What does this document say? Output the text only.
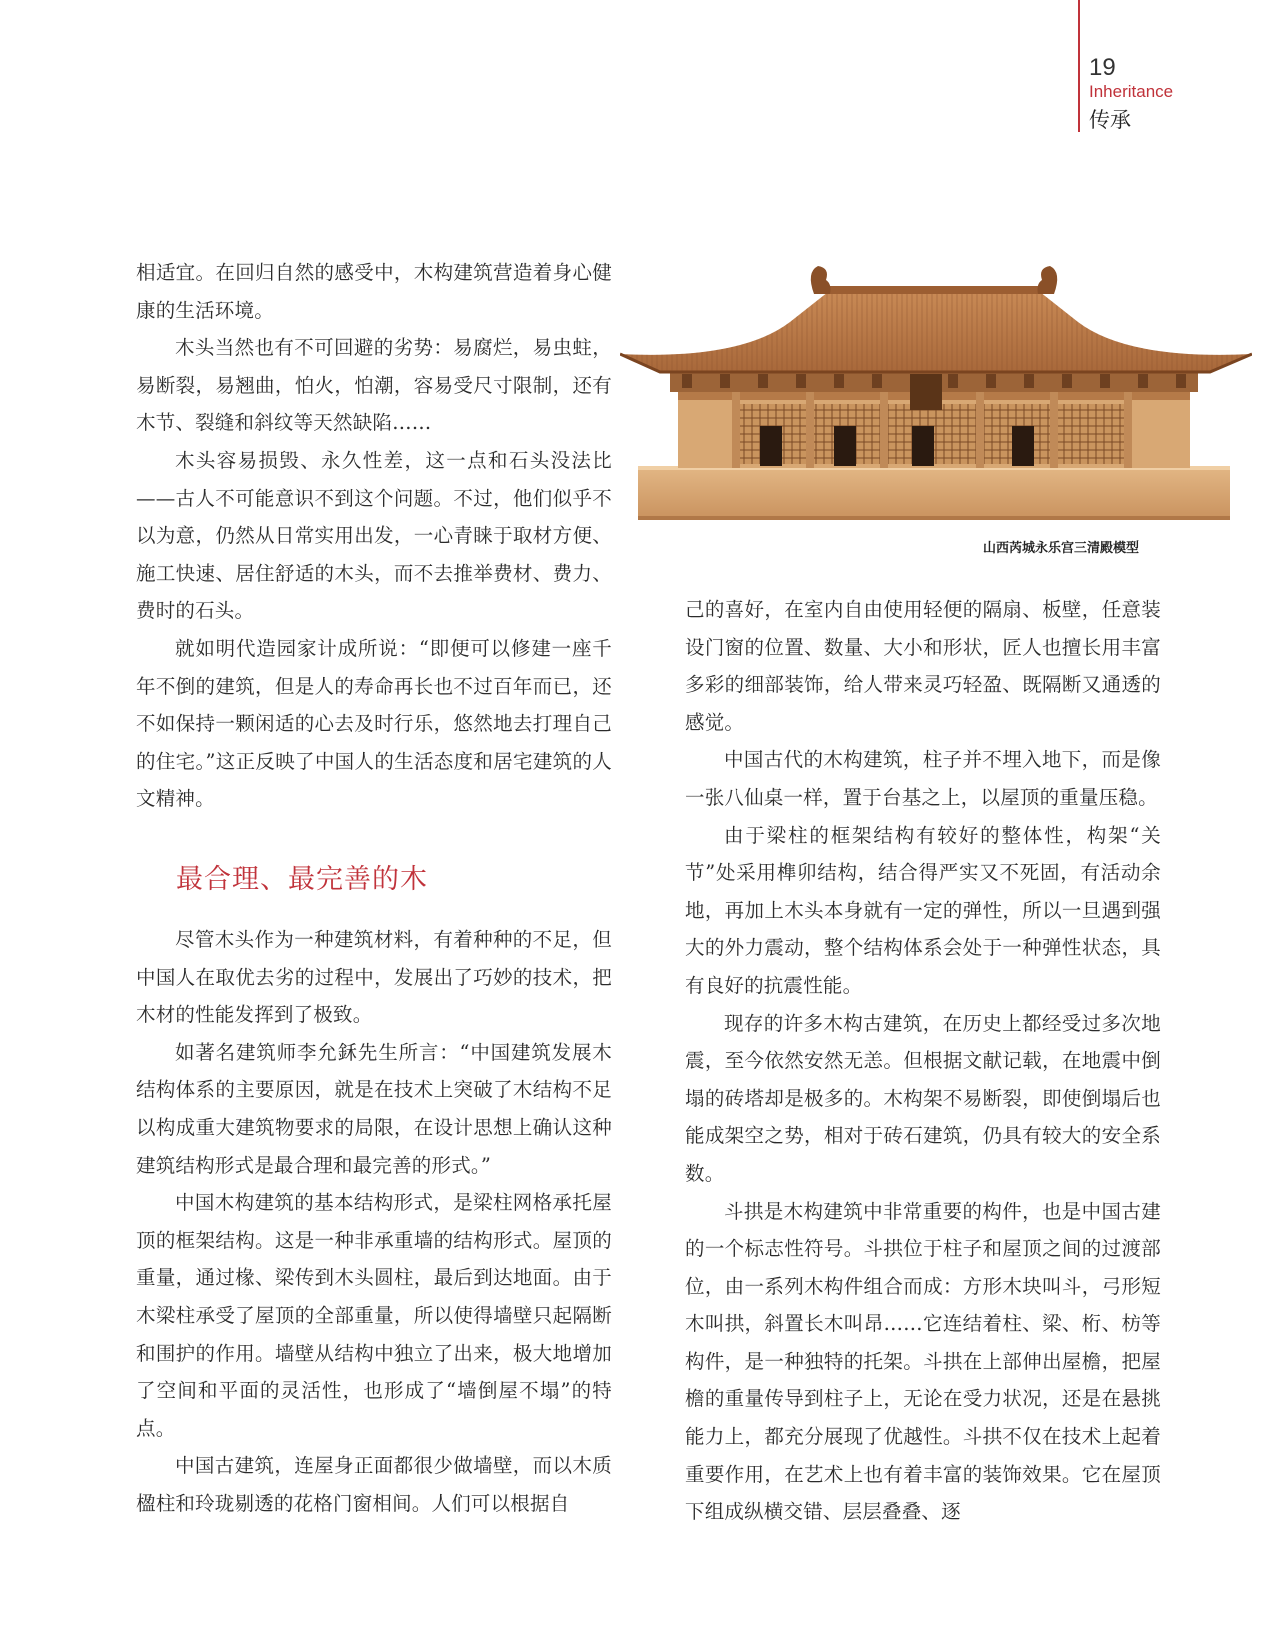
19
Inheritance
传承

相适宜。在回归自然的感受中，木构建筑营造着身心健康的生活环境。

木头当然也有不可回避的劣势：易腐烂，易虫蛀，易断裂，易翘曲，怕火，怕潮，容易受尺寸限制，还有木节、裂缝和斜纹等天然缺陷……

木头容易损毁、永久性差，这一点和石头没法比——古人不可能意识不到这个问题。不过，他们似乎不以为意，仍然从日常实用出发，一心青睐于取材方便、施工快速、居住舒适的木头，而不去推举费材、费力、费时的石头。

就如明代造园家计成所说：“即便可以修建一座千年不倒的建筑，但是人的寿命再长也不过百年而已，还不如保持一颗闲适的心去及时行乐，悠然地去打理自己的住宅。”这正反映了中国人的生活态度和居宅建筑的人文精神。

最合理、最完善的木

尽管木头作为一种建筑材料，有着种种的不足，但中国人在取优去劣的过程中，发展出了巧妙的技术，把木材的性能发挥到了极致。

如著名建筑师李允鉌先生所言：“中国建筑发展木结构体系的主要原因，就是在技术上突破了木结构不足以构成重大建筑物要求的局限，在设计思想上确认这种建筑结构形式是最合理和最完善的形式。”

中国木构建筑的基本结构形式，是梁柱网格承托屋顶的框架结构。这是一种非承重墙的结构形式。屋顶的重量，通过椽、梁传到木头圆柱，最后到达地面。由于木梁柱承受了屋顶的全部重量，所以使得墙壁只起隔断和围护的作用。墙壁从结构中独立了出来，极大地增加了空间和平面的灵活性，也形成了“墙倒屋不塌”的特点。

中国古建筑，连屋身正面都很少做墙壁，而以木质楹柱和玲珑剔透的花格门窗相间。人们可以根据自

山西芮城永乐宫三清殿模型

己的喜好，在室内自由使用轻便的隔扇、板壁，任意装设门窗的位置、数量、大小和形状，匠人也擅长用丰富多彩的细部装饰，给人带来灵巧轻盈、既隔断又通透的感觉。

中国古代的木构建筑，柱子并不埋入地下，而是像一张八仙桌一样，置于台基之上，以屋顶的重量压稳。

由于梁柱的框架结构有较好的整体性，构架“关节”处采用榫卯结构，结合得严实又不死固，有活动余地，再加上木头本身就有一定的弹性，所以一旦遇到强大的外力震动，整个结构体系会处于一种弹性状态，具有良好的抗震性能。

现存的许多木构古建筑，在历史上都经受过多次地震，至今依然安然无恙。但根据文献记载，在地震中倒塌的砖塔却是极多的。木构架不易断裂，即使倒塌后也能成架空之势，相对于砖石建筑，仍具有较大的安全系数。

斗拱是木构建筑中非常重要的构件，也是中国古建的一个标志性符号。斗拱位于柱子和屋顶之间的过渡部位，由一系列木构件组合而成：方形木块叫斗，弓形短木叫拱，斜置长木叫昂……它连结着柱、梁、桁、枋等构件，是一种独特的托架。斗拱在上部伸出屋檐，把屋檐的重量传导到柱子上，无论在受力状况，还是在悬挑能力上，都充分展现了优越性。斗拱不仅在技术上起着重要作用，在艺术上也有着丰富的装饰效果。它在屋顶下组成纵横交错、层层叠叠、逐
